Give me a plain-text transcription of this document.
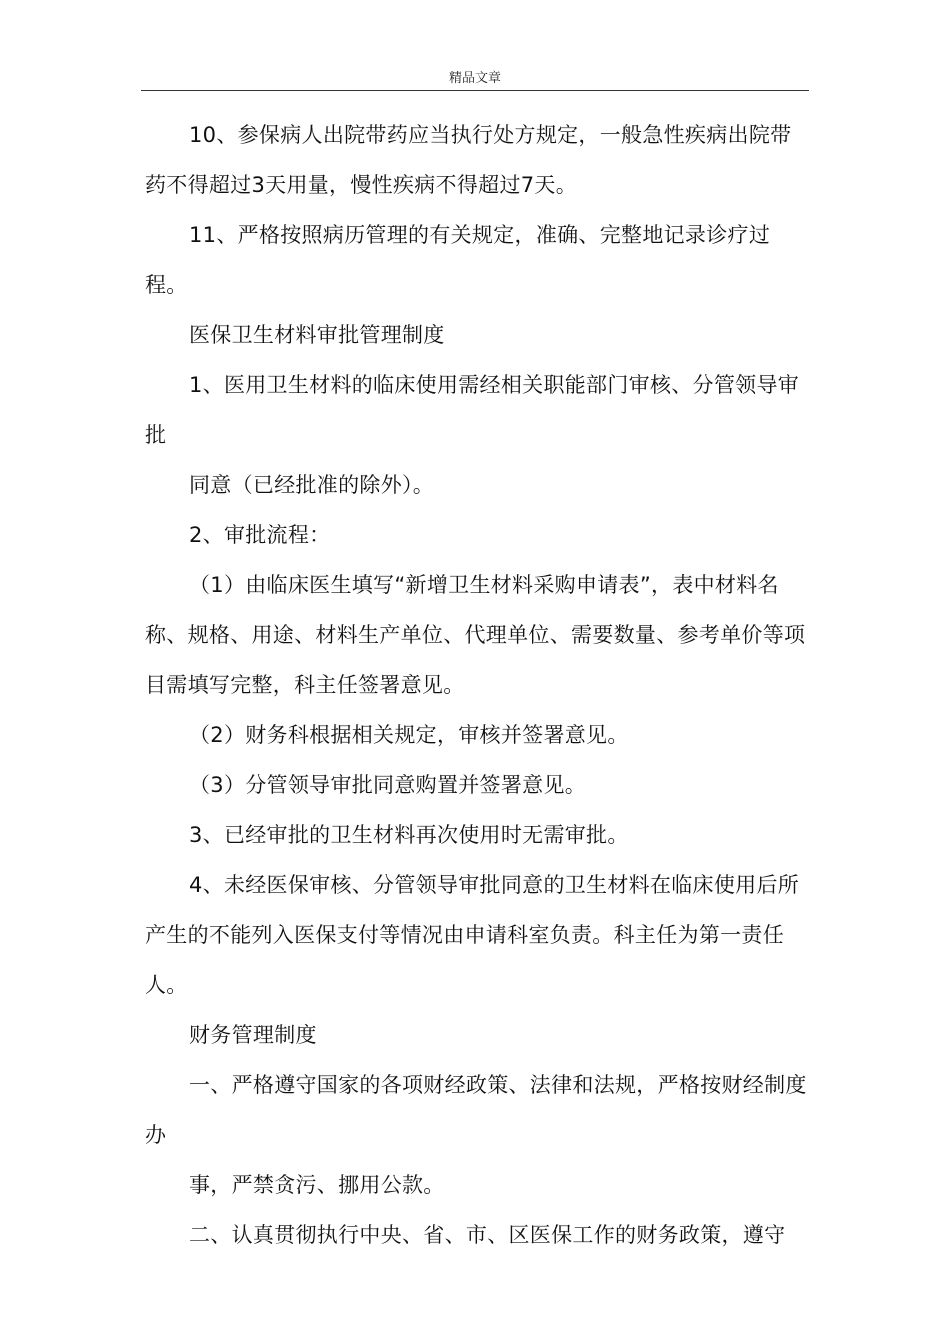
精品文章

10、参保病人出院带药应当执行处方规定，一般急性疾病出院带药不得超过3天用量，慢性疾病不得超过7天。

11、严格按照病历管理的有关规定，准确、完整地记录诊疗过程。

医保卫生材料审批管理制度

1、医用卫生材料的临床使用需经相关职能部门审核、分管领导审批

同意（已经批准的除外）。

2、审批流程：

（1）由临床医生填写“新增卫生材料采购申请表”，表中材料名称、规格、用途、材料生产单位、代理单位、需要数量、参考单价等项目需填写完整，科主任签署意见。

（2）财务科根据相关规定，审核并签署意见。

（3）分管领导审批同意购置并签署意见。

3、已经审批的卫生材料再次使用时无需审批。

4、未经医保审核、分管领导审批同意的卫生材料在临床使用后所产生的不能列入医保支付等情况由申请科室负责。科主任为第一责任人。

财务管理制度

一、严格遵守国家的各项财经政策、法律和法规，严格按财经制度办

事，严禁贪污、挪用公款。

二、认真贯彻执行中央、省、市、区医保工作的财务政策，遵守
